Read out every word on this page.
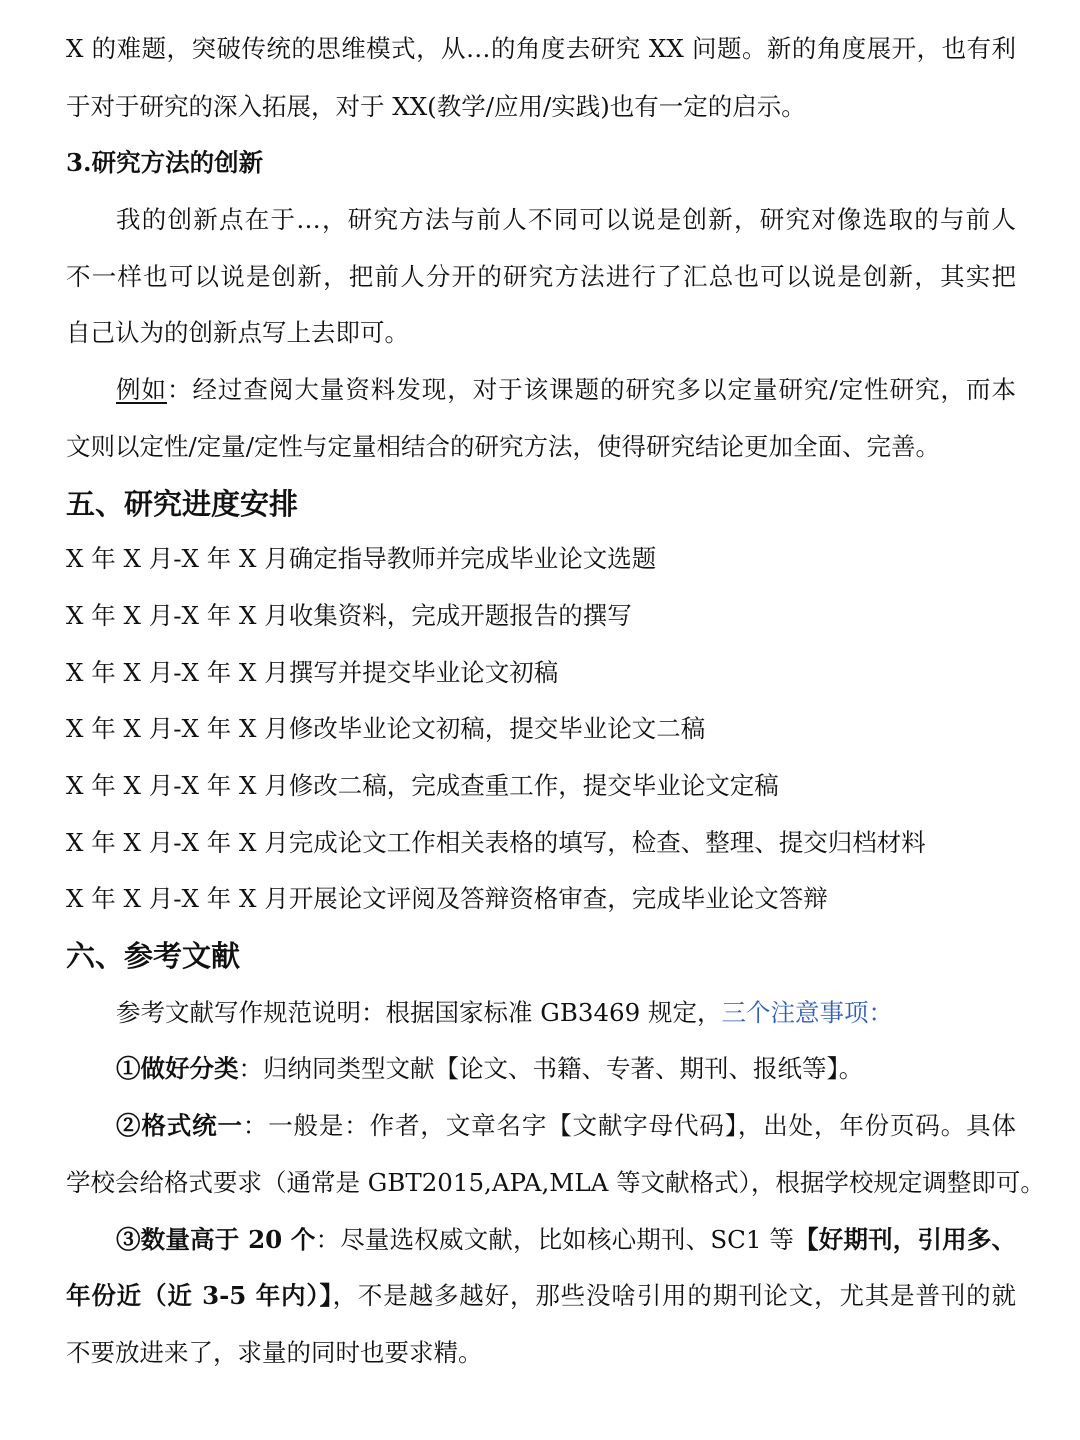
X 的难题，突破传统的思维模式，从…的角度去研究 XX 问题。新的角度展开，也有利
于对于研究的深入拓展，对于 XX(教学/应用/实践)也有一定的启示。
3.研究方法的创新
我的创新点在于…，研究方法与前人不同可以说是创新，研究对像选取的与前人
不一样也可以说是创新，把前人分开的研究方法进行了汇总也可以说是创新，其实把
自己认为的创新点写上去即可。
例如：经过查阅大量资料发现，对于该课题的研究多以定量研究/定性研究，而本
文则以定性/定量/定性与定量相结合的研究方法，使得研究结论更加全面、完善。
五、研究进度安排
X 年 X 月-X 年 X 月确定指导教师并完成毕业论文选题
X 年 X 月-X 年 X 月收集资料，完成开题报告的撰写
X 年 X 月-X 年 X 月撰写并提交毕业论文初稿
X 年 X 月-X 年 X 月修改毕业论文初稿，提交毕业论文二稿
X 年 X 月-X 年 X 月修改二稿，完成查重工作，提交毕业论文定稿
X 年 X 月-X 年 X 月完成论文工作相关表格的填写，检查、整理、提交归档材料
X 年 X 月-X 年 X 月开展论文评阅及答辩资格审查，完成毕业论文答辩
六、参考文献
参考文献写作规范说明：根据国家标准 GB3469 规定，三个注意事项：
①做好分类：归纳同类型文献【论文、书籍、专著、期刊、报纸等】。
②格式统一：一般是：作者，文章名字【文献字母代码】，出处，年份页码。具体
学校会给格式要求（通常是 GBT2015,APA,MLA 等文献格式），根据学校规定调整即可。
③数量高于 20 个：尽量选权威文献，比如核心期刊、SC1 等【好期刊，引用多、
年份近（近 3-5 年内）】，不是越多越好，那些没啥引用的期刊论文，尤其是普刊的就
不要放进来了，求量的同时也要求精。
